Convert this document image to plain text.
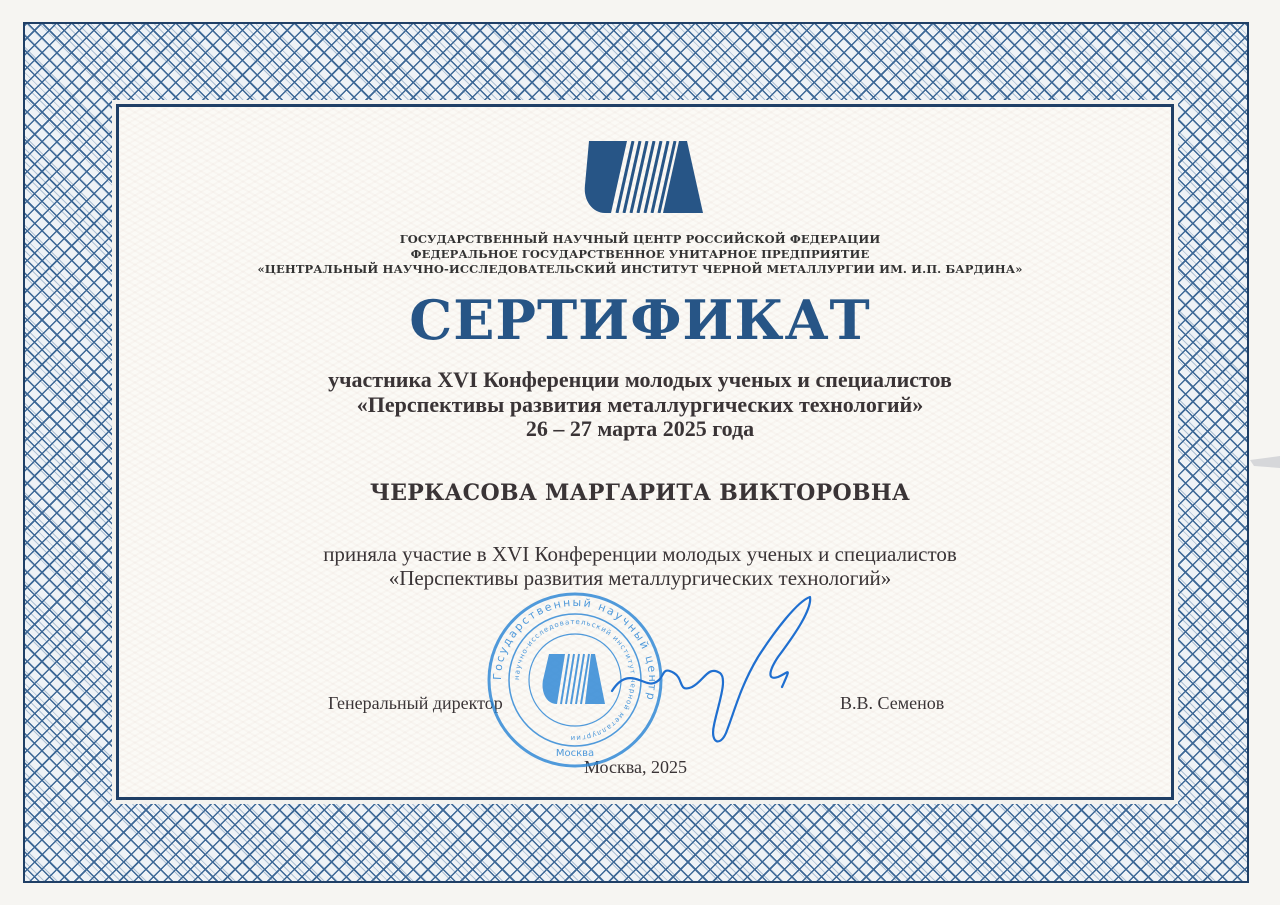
ГОСУДАРСТВЕННЫЙ НАУЧНЫЙ ЦЕНТР РОССИЙСКОЙ ФЕДЕРАЦИИ
ФЕДЕРАЛЬНОЕ ГОСУДАРСТВЕННОЕ УНИТАРНОЕ ПРЕДПРИЯТИЕ
«ЦЕНТРАЛЬНЫЙ НАУЧНО-ИССЛЕДОВАТЕЛЬСКИЙ ИНСТИТУТ ЧЕРНОЙ МЕТАЛЛУРГИИ ИМ. И.П. БАРДИНА»
СЕРТИФИКАТ
участника XVI Конференции молодых ученых и специалистов
«Перспективы развития металлургических технологий»
26 – 27 марта 2025 года
ЧЕРКАСОВА МАРГАРИТА ВИКТОРОВНА
приняла участие в XVI Конференции молодых ученых и специалистов
«Перспективы развития металлургических технологий»
Генеральный директор	В.В. Семенов
Москва, 2025
Государственный научный центр
научно-исследовательский институт черной металлургии
Москва
